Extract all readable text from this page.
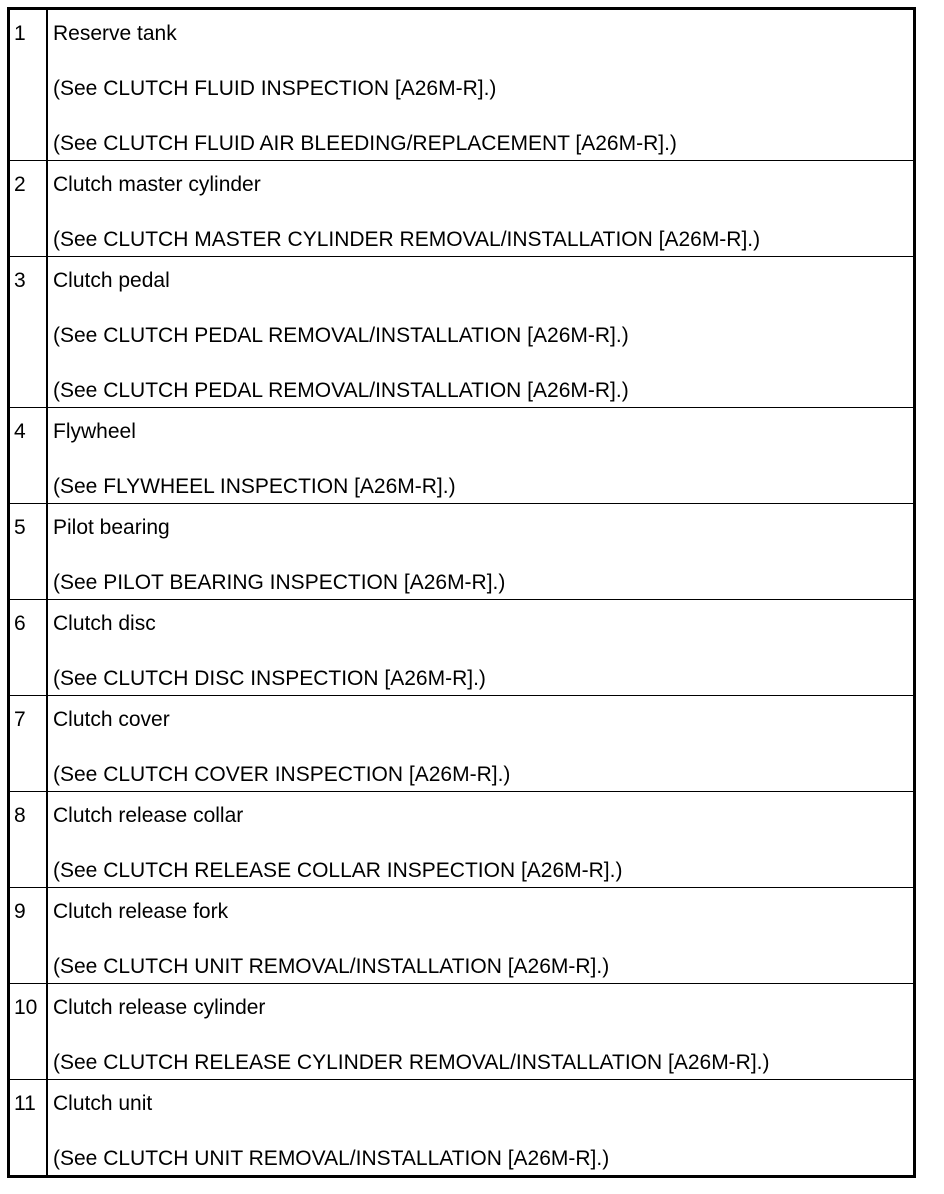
1	Reserve tank
(See CLUTCH FLUID INSPECTION [A26M-R].)
(See CLUTCH FLUID AIR BLEEDING/REPLACEMENT [A26M-R].)

2	Clutch master cylinder
(See CLUTCH MASTER CYLINDER REMOVAL/INSTALLATION [A26M-R].)

3	Clutch pedal
(See CLUTCH PEDAL REMOVAL/INSTALLATION [A26M-R].)
(See CLUTCH PEDAL REMOVAL/INSTALLATION [A26M-R].)

4	Flywheel
(See FLYWHEEL INSPECTION [A26M-R].)

5	Pilot bearing
(See PILOT BEARING INSPECTION [A26M-R].)

6	Clutch disc
(See CLUTCH DISC INSPECTION [A26M-R].)

7	Clutch cover
(See CLUTCH COVER INSPECTION [A26M-R].)

8	Clutch release collar
(See CLUTCH RELEASE COLLAR INSPECTION [A26M-R].)

9	Clutch release fork
(See CLUTCH UNIT REMOVAL/INSTALLATION [A26M-R].)

10	Clutch release cylinder
(See CLUTCH RELEASE CYLINDER REMOVAL/INSTALLATION [A26M-R].)

11	Clutch unit
(See CLUTCH UNIT REMOVAL/INSTALLATION [A26M-R].)
